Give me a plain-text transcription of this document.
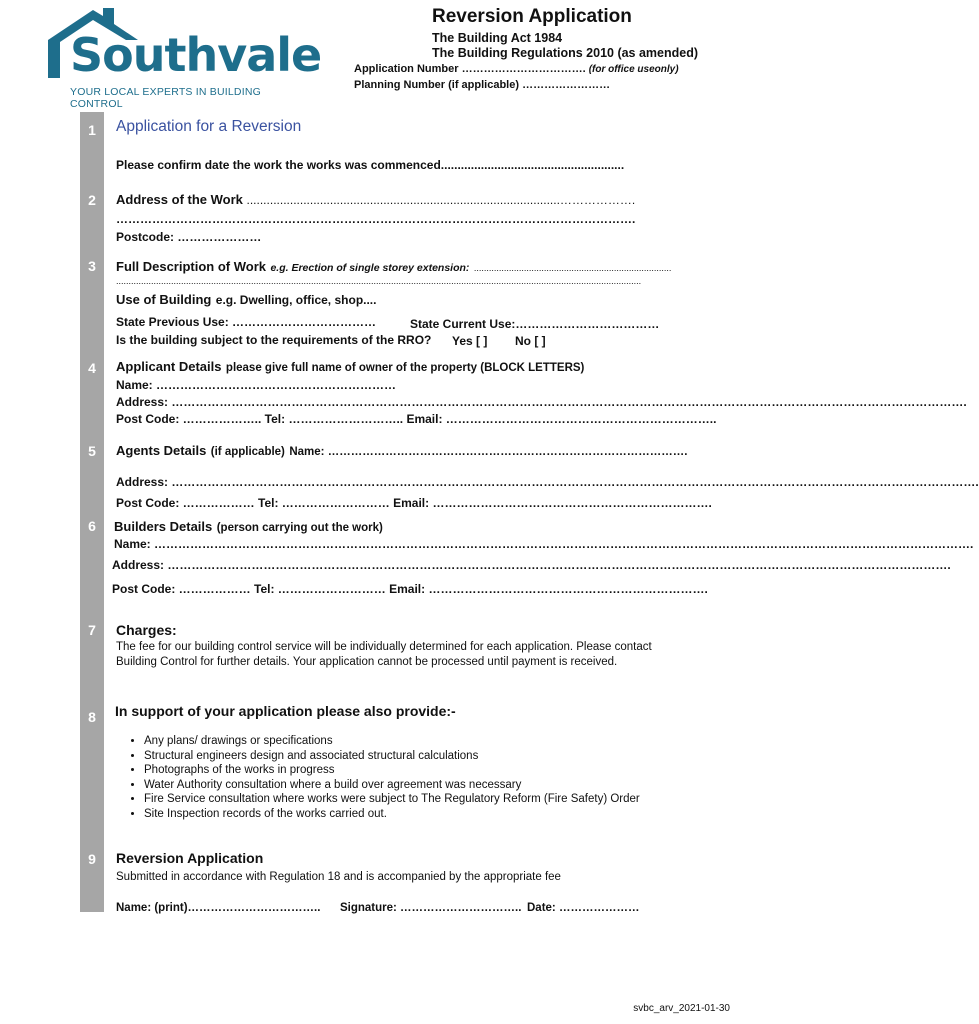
Southvale
YOUR LOCAL EXPERTS IN BUILDING CONTROL
Reversion Application
The Building Act 1984
The Building Regulations 2010 (as amended)
Application Number ……………………………. (for office useonly)
Planning Number (if applicable) ……………………
1
2
3
4
5
6
7
8
9
Application for a Reversion
Please confirm date the work the works was commenced.......................................................
Address of the Work ..............................................................................................……………….
………………………………………………………………………………………………………………….
Postcode: …………………
Full Description of Work e.g. Erection of single storey extension: ...............................................................................
..................................................................................................................................................................................................................
Use of Building e.g. Dwelling, office, shop....
State Previous Use: ………………………………	State Current Use:………………………………
Is the building subject to the requirements of the RRO? Yes [ ] No [ ]
Applicant Details please give full name of owner of the property (BLOCK LETTERS)
Name: ……………………………………………………
Address: ……………………………………………………………………………………………………………………………………………………………………………….
Post Code: ……………….. Tel: ……………………….. Email: …………………………………………………………..
Agents Details (if applicable) Name: ………………………………………………………………………………….
Address: ………………………………………………………………………………………………………………………………………………………………………………….
Post Code: ……………… Tel: ……………………… Email: …………………………………………………………….
Builders Details (person carrying out the work)
Name: …………………………………………………………………………………………………………………………………………………………………………………….
Address: …………………………………………………………………………………………………………………………………………………………………………….
Post Code: ……………… Tel: ……………………… Email: …………………………………………………………….
Charges:
The fee for our building control service will be individually determined for each application. Please contact Building Control for further details. Your application cannot be processed until payment is received.
In support of your application please also provide:-
• Any plans/ drawings or specifications
• Structural engineers design and associated structural calculations
• Photographs of the works in progress
• Water Authority consultation where a build over agreement was necessary
• Fire Service consultation where works were subject to The Regulatory Reform (Fire Safety) Order
• Site Inspection records of the works carried out.
Reversion Application
Submitted in accordance with Regulation 18 and is accompanied by the appropriate fee
Name: (print)…………………………….. Signature: ………………………….. Date: …………………
svbc_arv_2021-01-30
